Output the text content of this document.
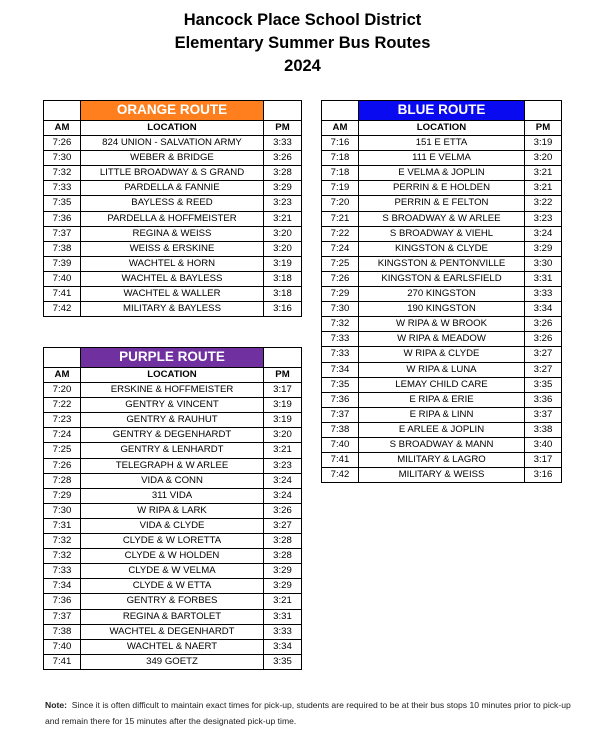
Hancock Place School District
Elementary Summer Bus Routes
2024
	ORANGE ROUTE	
AM	LOCATION	PM
7:26	824 UNION - SALVATION ARMY	3:33
7:30	WEBER & BRIDGE	3:26
7:32	LITTLE BROADWAY & S GRAND	3:28
7:33	PARDELLA & FANNIE	3:29
7:35	BAYLESS & REED	3:23
7:36	PARDELLA & HOFFMEISTER	3:21
7:37	REGINA & WEISS	3:20
7:38	WEISS & ERSKINE	3:20
7:39	WACHTEL & HORN	3:19
7:40	WACHTEL & BAYLESS	3:18
7:41	WACHTEL & WALLER	3:18
7:42	MILITARY & BAYLESS	3:16
	PURPLE ROUTE	
AM	LOCATION	PM
7:20	ERSKINE & HOFFMEISTER	3:17
7:22	GENTRY & VINCENT	3:19
7:23	GENTRY & RAUHUT	3:19
7:24	GENTRY & DEGENHARDT	3:20
7:25	GENTRY & LENHARDT	3:21
7:26	TELEGRAPH & W ARLEE	3:23
7:28	VIDA & CONN	3:24
7:29	311 VIDA	3:24
7:30	W RIPA & LARK	3:26
7:31	VIDA & CLYDE	3:27
7:32	CLYDE & W LORETTA	3:28
7:32	CLYDE & W HOLDEN	3:28
7:33	CLYDE & W VELMA	3:29
7:34	CLYDE & W ETTA	3:29
7:36	GENTRY & FORBES	3:21
7:37	REGINA & BARTOLET	3:31
7:38	WACHTEL & DEGENHARDT	3:33
7:40	WACHTEL & NAERT	3:34
7:41	349 GOETZ	3:35
	BLUE ROUTE	
AM	LOCATION	PM
7:16	151 E ETTA	3:19
7:18	111 E VELMA	3:20
7:18	E VELMA & JOPLIN	3:21
7:19	PERRIN & E HOLDEN	3:21
7:20	PERRIN & E FELTON	3:22
7:21	S BROADWAY & W ARLEE	3:23
7:22	S BROADWAY & VIEHL	3:24
7:24	KINGSTON & CLYDE	3:29
7:25	KINGSTON & PENTONVILLE	3:30
7:26	KINGSTON & EARLSFIELD	3:31
7:29	270 KINGSTON	3:33
7:30	190 KINGSTON	3:34
7:32	W RIPA & W BROOK	3:26
7:33	W RIPA & MEADOW	3:26
7:33	W RIPA & CLYDE	3:27
7:34	W RIPA & LUNA	3:27
7:35	LEMAY CHILD CARE	3:35
7:36	E RIPA & ERIE	3:36
7:37	E RIPA & LINN	3:37
7:38	E ARLEE & JOPLIN	3:38
7:40	S BROADWAY & MANN	3:40
7:41	MILITARY & LAGRO	3:17
7:42	MILITARY & WEISS	3:16
Note: Since it is often difficult to maintain exact times for pick-up, students are required to be at their bus stops 10 minutes prior to pick-up and remain there for 15 minutes after the designated pick-up time.
